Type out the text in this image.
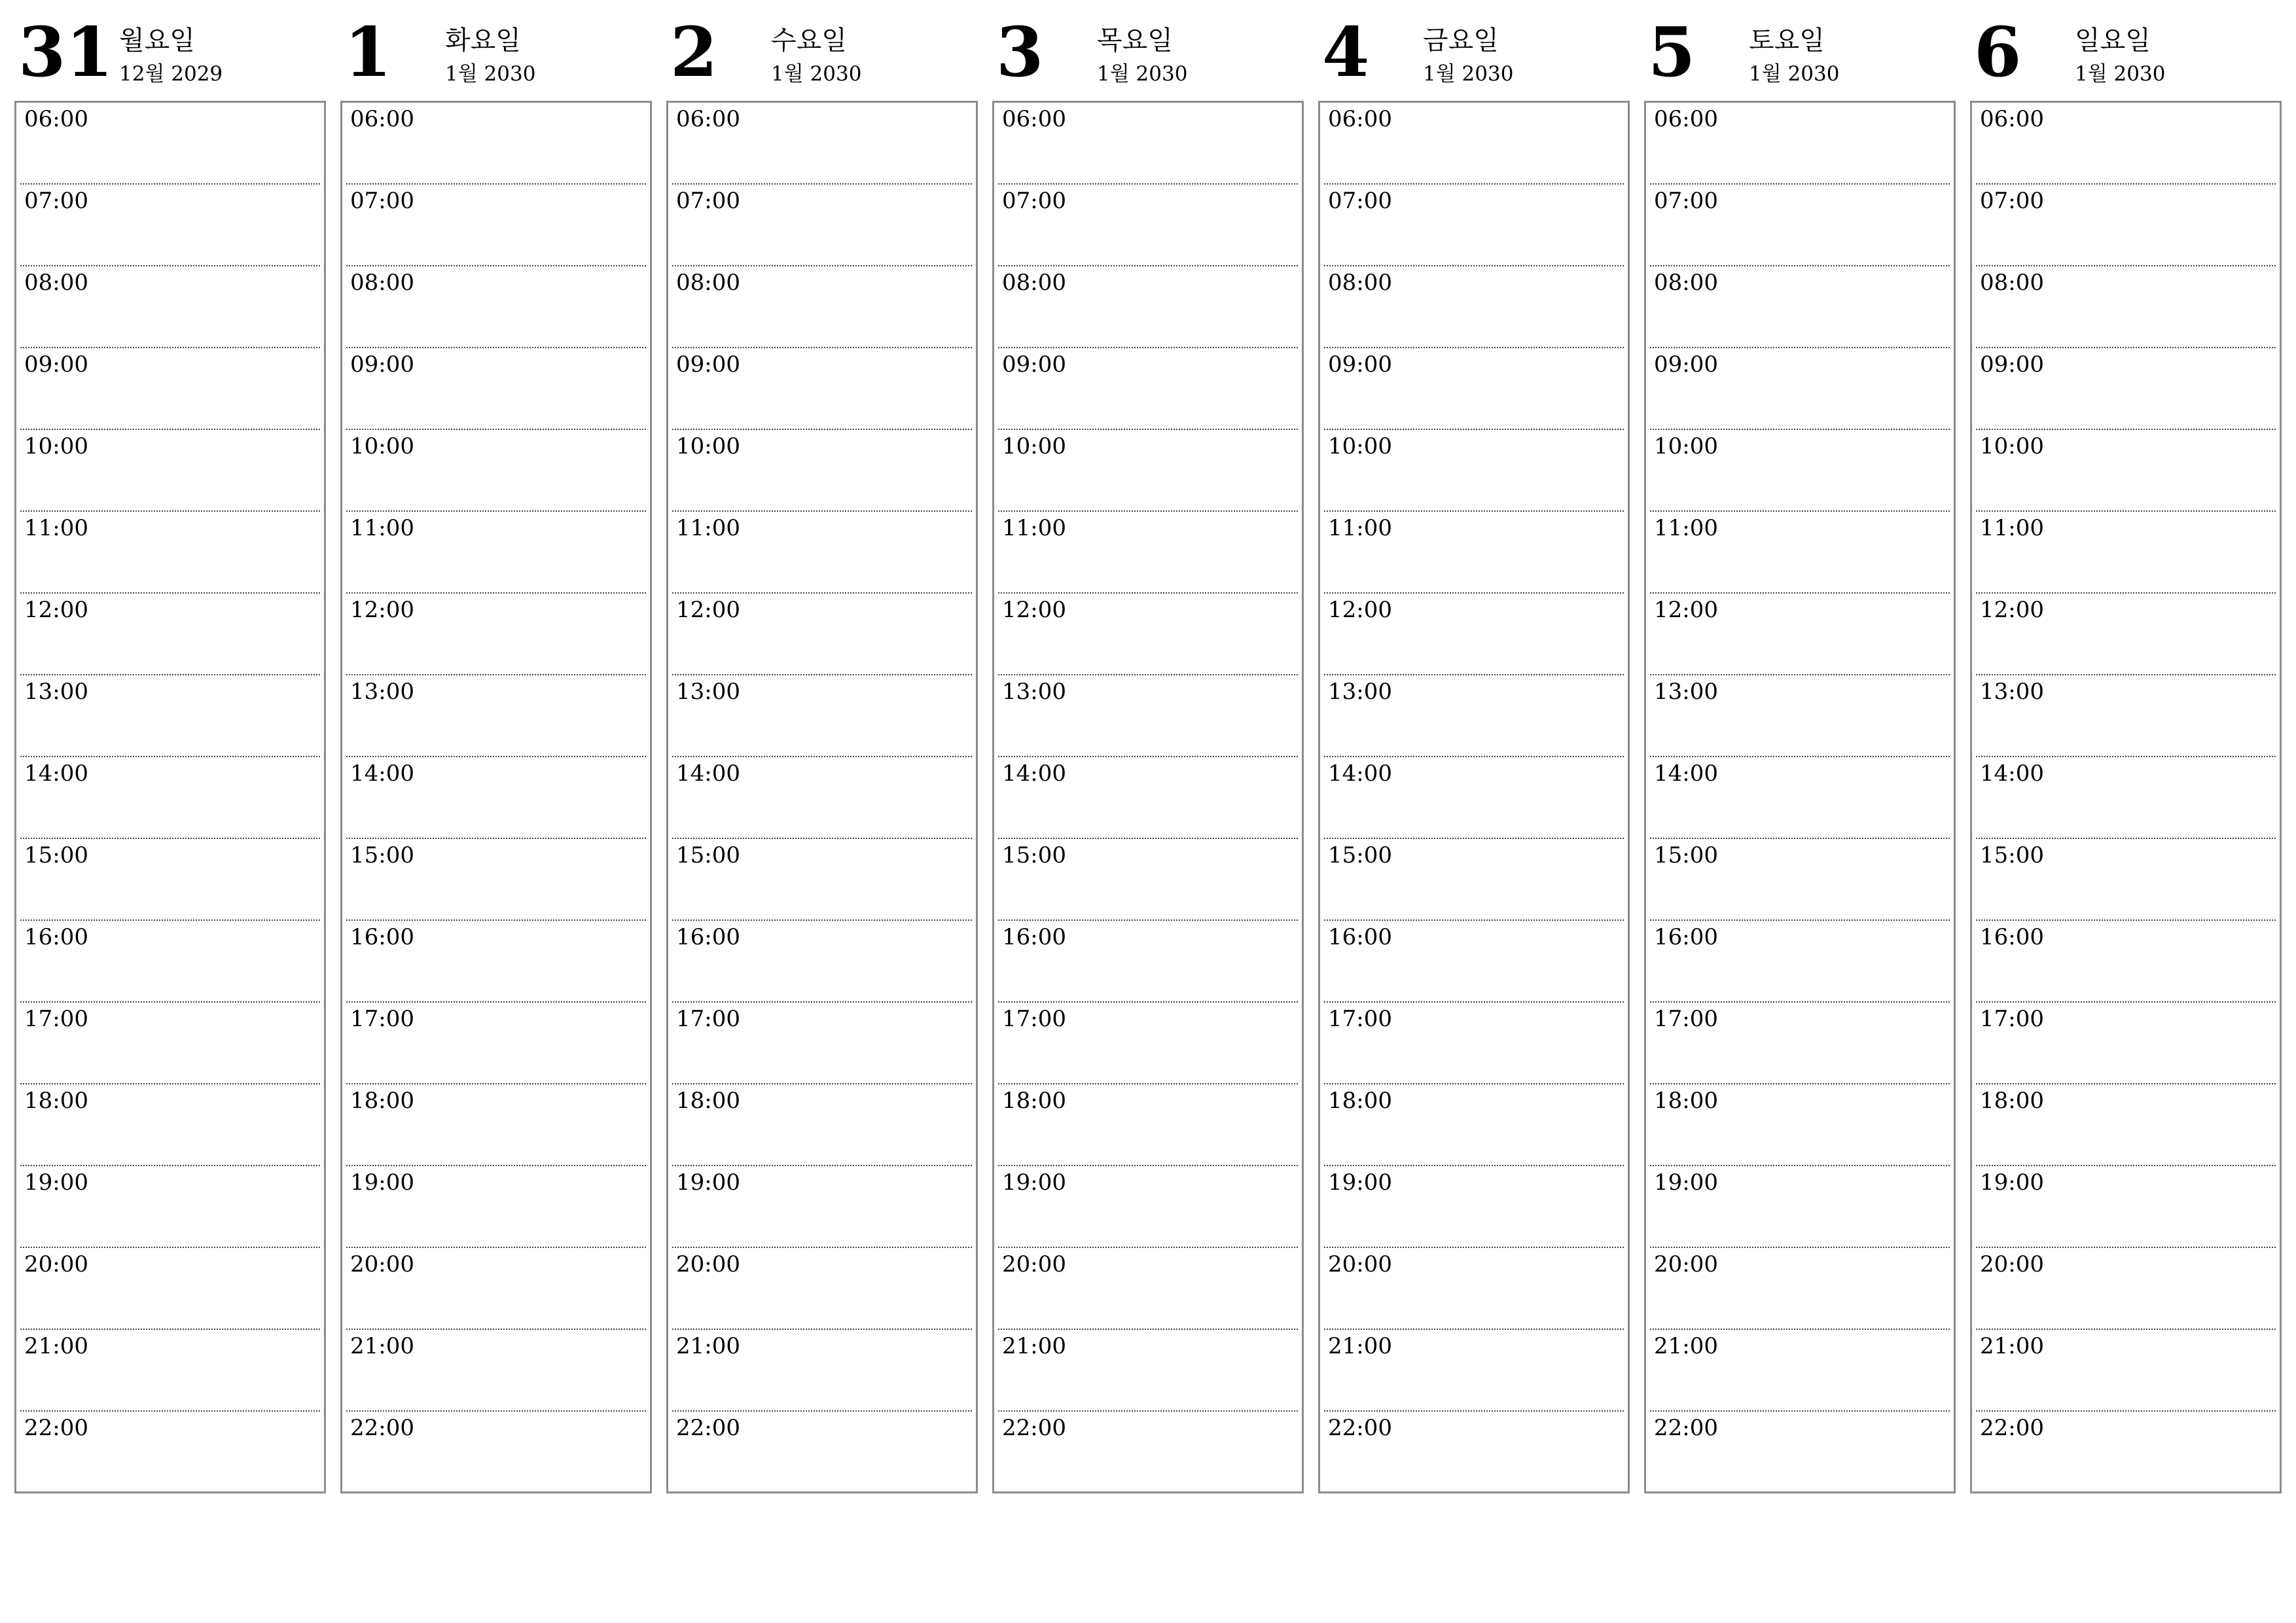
31 월요일
12월 2029
06:00
07:00
08:00
09:00
10:00
11:00
12:00
13:00
14:00
15:00
16:00
17:00
18:00
19:00
20:00
21:00
22:00
1 화요일
1월 2030
06:00
07:00
08:00
09:00
10:00
11:00
12:00
13:00
14:00
15:00
16:00
17:00
18:00
19:00
20:00
21:00
22:00
2 수요일
1월 2030
06:00
07:00
08:00
09:00
10:00
11:00
12:00
13:00
14:00
15:00
16:00
17:00
18:00
19:00
20:00
21:00
22:00
3 목요일
1월 2030
06:00
07:00
08:00
09:00
10:00
11:00
12:00
13:00
14:00
15:00
16:00
17:00
18:00
19:00
20:00
21:00
22:00
4 금요일
1월 2030
06:00
07:00
08:00
09:00
10:00
11:00
12:00
13:00
14:00
15:00
16:00
17:00
18:00
19:00
20:00
21:00
22:00
5 토요일
1월 2030
06:00
07:00
08:00
09:00
10:00
11:00
12:00
13:00
14:00
15:00
16:00
17:00
18:00
19:00
20:00
21:00
22:00
6 일요일
1월 2030
06:00
07:00
08:00
09:00
10:00
11:00
12:00
13:00
14:00
15:00
16:00
17:00
18:00
19:00
20:00
21:00
22:00
